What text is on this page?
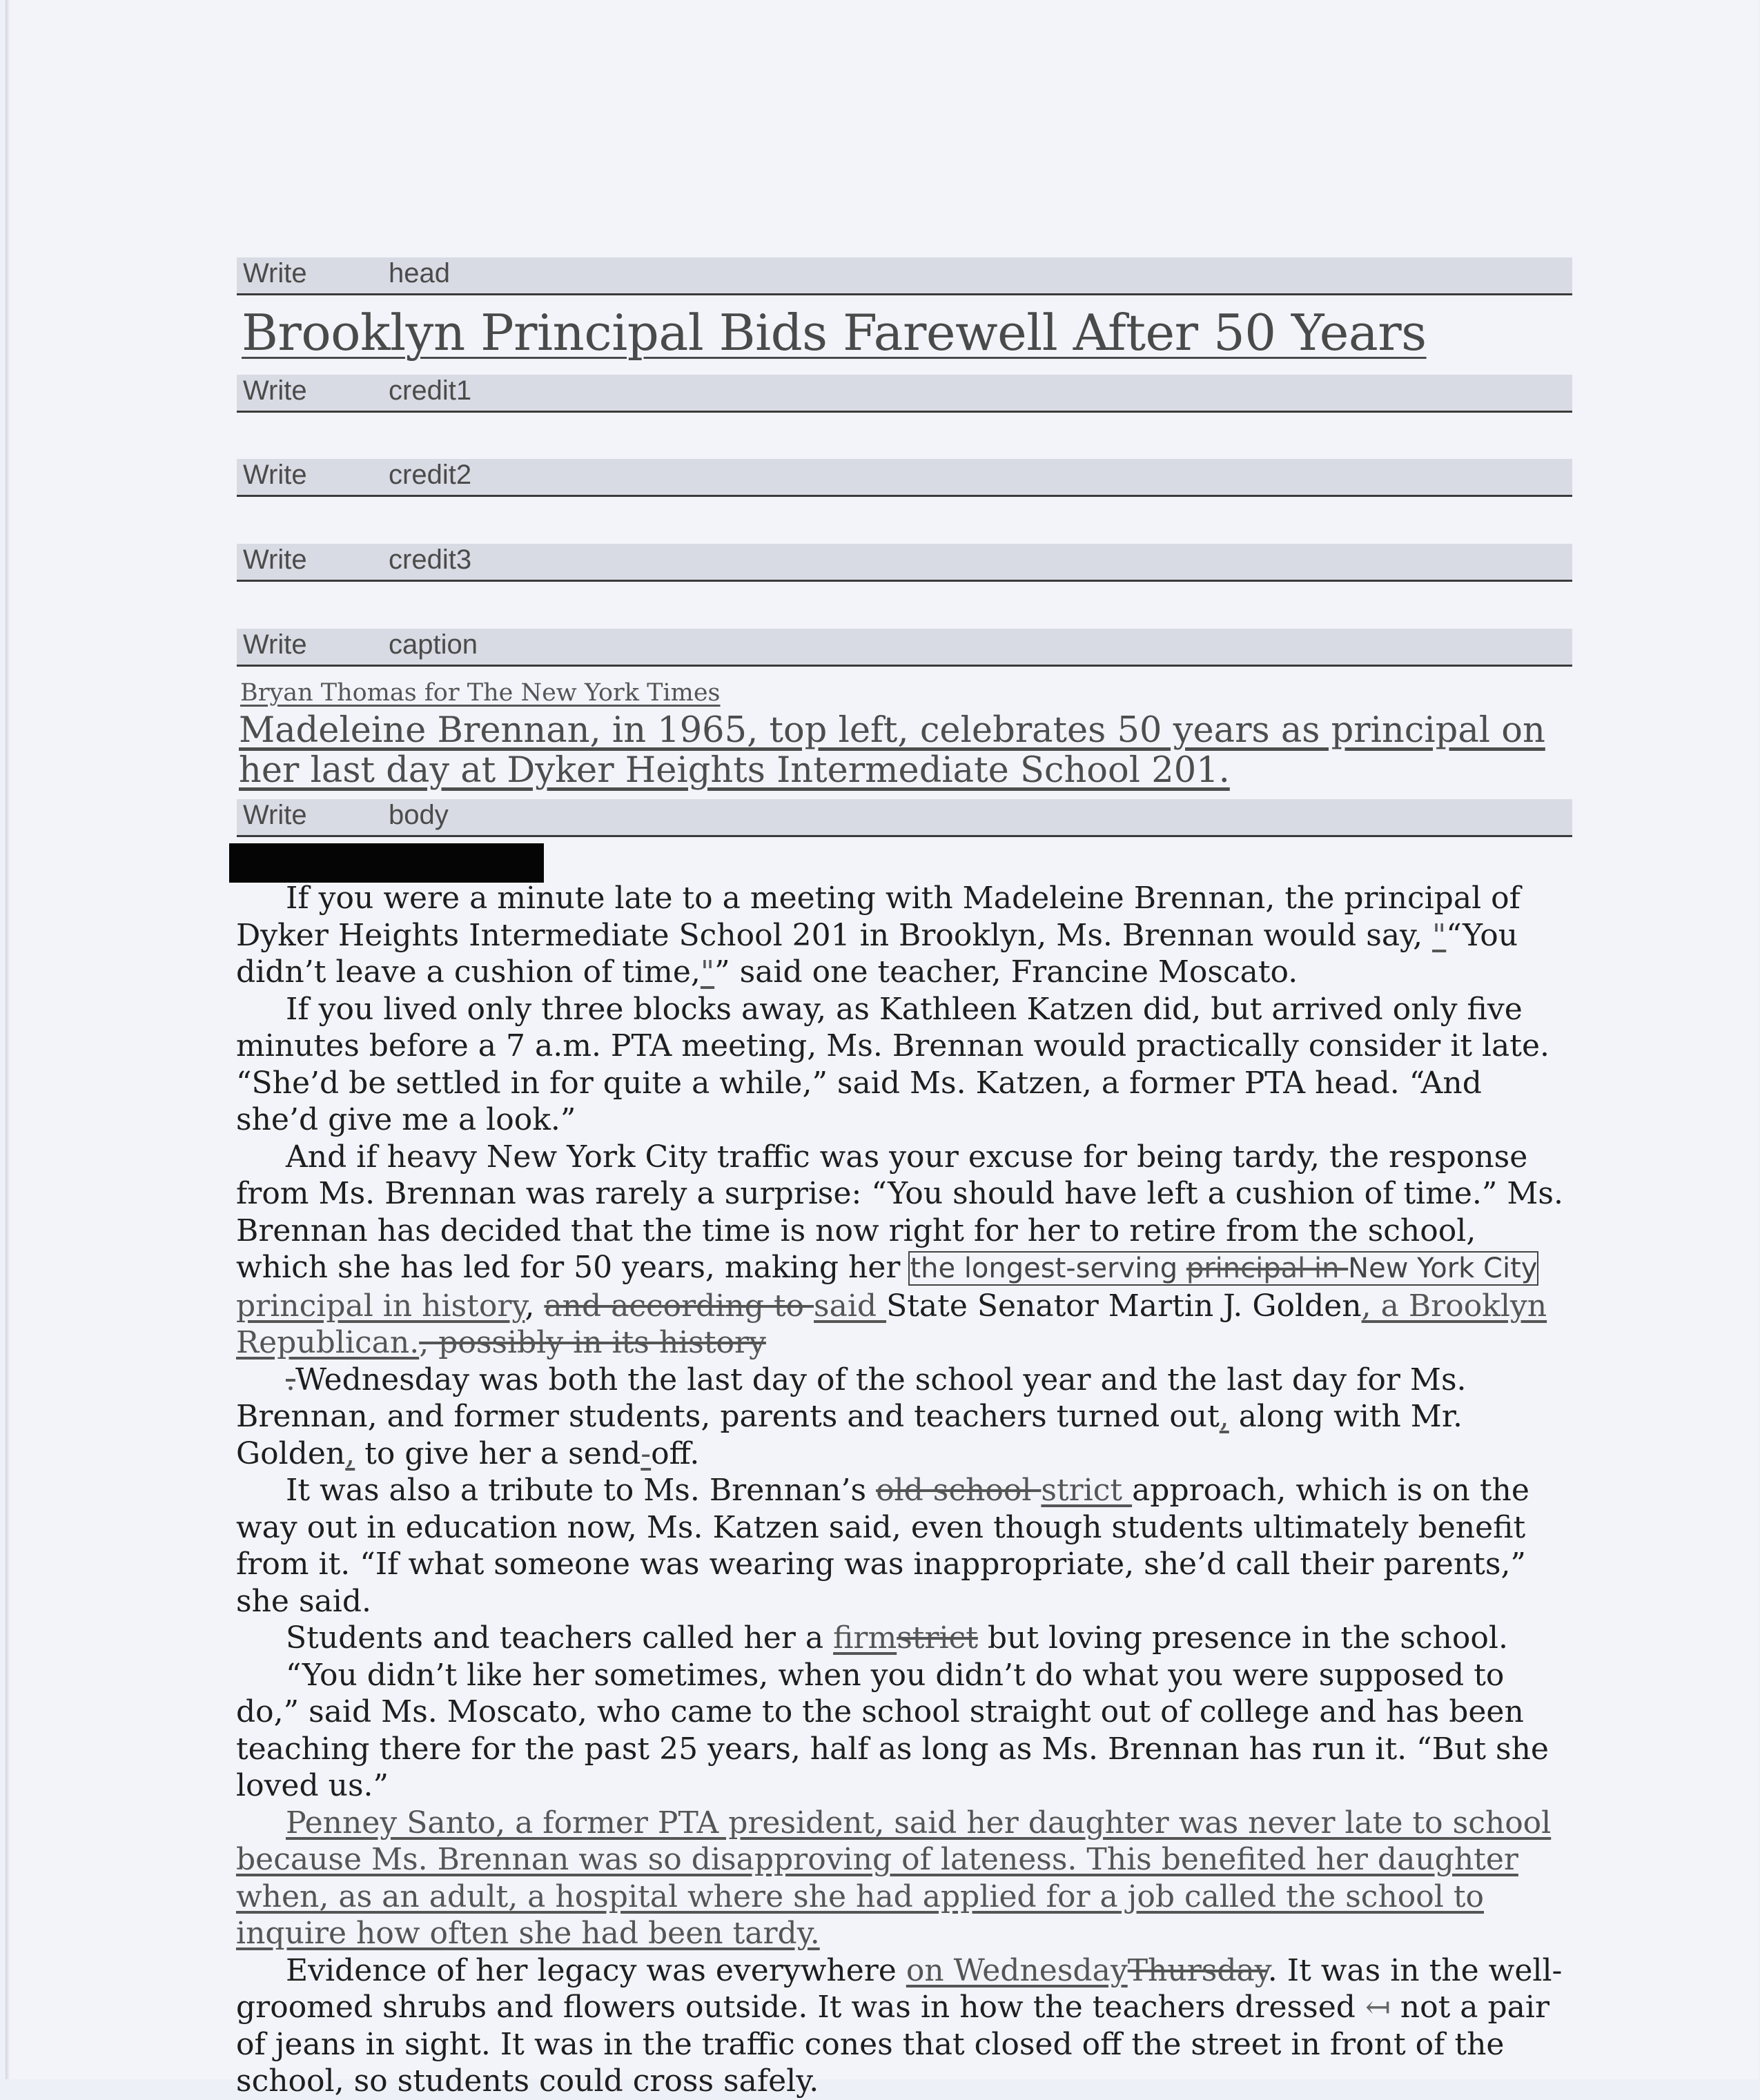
Write	head
Brooklyn Principal Bids Farewell After 50 Years
Write	credit1
Write	credit2
Write	credit3
Write	caption
Bryan Thomas for The New York Times
Madeleine Brennan, in 1965, top left, celebrates 50 years as principal on her last day at Dyker Heights Intermediate School 201.
Write	body

If you were a minute late to a meeting with Madeleine Brennan, the principal of Dyker Heights Intermediate School 201 in Brooklyn, Ms. Brennan would say, "“You didn’t leave a cushion of time,"” said one teacher, Francine Moscato.

If you lived only three blocks away, as Kathleen Katzen did, but arrived only five minutes before a 7 a.m. PTA meeting, Ms. Brennan would practically consider it late. “She’d be settled in for quite a while,” said Ms. Katzen, a former PTA head. “And she’d give me a look.”

And if heavy New York City traffic was your excuse for being tardy, the response from Ms. Brennan was rarely a surprise: “You should have left a cushion of time.” Ms. Brennan has decided that the time is now right for her to retire from the school, which she has led for 50 years, making her the longest-serving principal in New York City principal in history, and according to said State Senator Martin J. Golden, a Brooklyn Republican., possibly in its history

.Wednesday was both the last day of the school year and the last day for Ms. Brennan, and former students, parents and teachers turned out, along with Mr. Golden, to give her a send-off.

It was also a tribute to Ms. Brennan’s old school strict approach, which is on the way out in education now, Ms. Katzen said, even though students ultimately benefit from it. “If what someone was wearing was inappropriate, she’d call their parents,” she said.

Students and teachers called her a firmstrict but loving presence in the school.

“You didn’t like her sometimes, when you didn’t do what you were supposed to do,” said Ms. Moscato, who came to the school straight out of college and has been teaching there for the past 25 years, half as long as Ms. Brennan has run it. “But she loved us.”

Penney Santo, a former PTA president, said her daughter was never late to school because Ms. Brennan was so disapproving of lateness. This benefited her daughter when, as an adult, a hospital where she had applied for a job called the school to inquire how often she had been tardy.

Evidence of her legacy was everywhere on WednesdayThursday. It was in the well-groomed shrubs and flowers outside. It was in how the teachers dressed ↤ not a pair of jeans in sight. It was in the traffic cones that closed off the street in front of the school, so students could cross safely.
